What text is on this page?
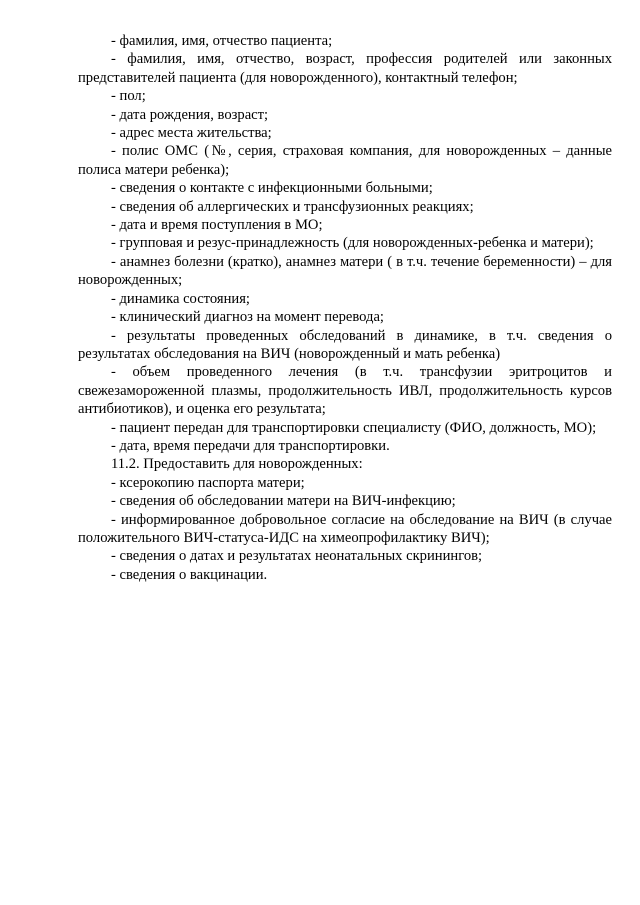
- фамилия, имя, отчество пациента;

- фамилия, имя, отчество, возраст, профессия родителей или законных представителей пациента (для новорожденного), контактный телефон;

- пол;

- дата рождения, возраст;

- адрес места жительства;

- полис ОМС (№, серия, страховая компания, для новорожденных – данные полиса матери ребенка);

- сведения о контакте с инфекционными больными;

- сведения об аллергических и трансфузионных реакциях;

- дата и время поступления в МО;

- групповая и резус-принадлежность (для новорожденных-ребенка и матери);

- анамнез болезни (кратко), анамнез матери ( в т.ч. течение беременности) – для новорожденных;

- динамика состояния;

- клинический диагноз на момент перевода;

- результаты проведенных обследований в динамике, в т.ч. сведения о результатах обследования на ВИЧ (новорожденный и мать ребенка)

- объем проведенного лечения (в т.ч. трансфузии эритроцитов и свежезамороженной плазмы, продолжительность ИВЛ, продолжительность курсов антибиотиков), и оценка его результата;

- пациент передан для транспортировки специалисту (ФИО, должность, МО);

- дата, время передачи для транспортировки.

11.2. Предоставить для новорожденных:

- ксерокопию паспорта матери;

- сведения об обследовании матери на ВИЧ-инфекцию;

- информированное добровольное согласие на обследование на ВИЧ (в случае положительного ВИЧ-статуса-ИДС на химеопрофилактику ВИЧ);

- сведения о датах и результатах неонатальных скринингов;

- сведения о вакцинации.
